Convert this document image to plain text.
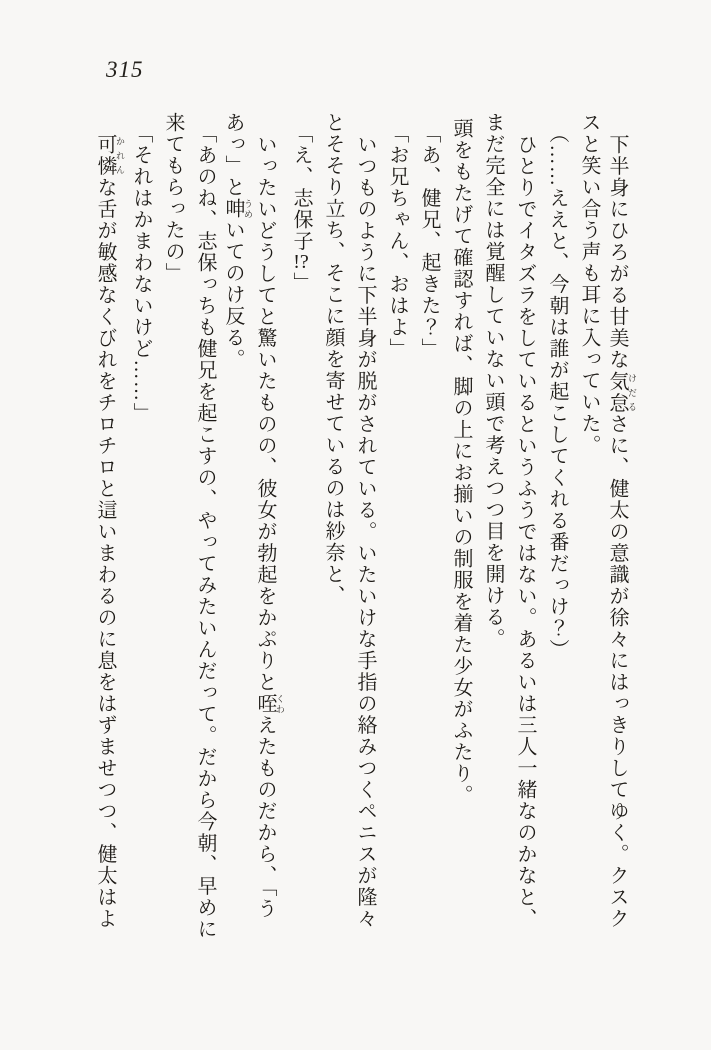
315
下半身にひろがる甘美な気怠 けだるさに、健太の意識が徐々にはっきりしてゆく。クスク
スと笑い合う声も耳に入っていた。
（……ええと、今朝は誰が起こしてくれる番だっけ？）
ひとりでイタズラをしているというふうではない。あるいは三人一緒なのかなと、
まだ完全には覚醒していない頭で考えつつ目を開ける。
頭をもたげて確認すれば、脚の上にお揃いの制服を着た少女がふたり。
「あ、健兄、起きた？」
「お兄ちゃん、おはよ」
いつものように下半身が脱がされている。いたいけな手指の絡みつくペニスが隆々
とそそり立ち、そこに顔を寄せているのは紗奈と、
「え、志保子!?」
いったいどうしてと驚いたものの、彼女が勃起をかぷりと咥 くわえたものだから、「う
あっ」と呻 うめいてのけ反る。
「あのね、志保っちも健兄を起こすの、やってみたいんだって。だから今朝、早めに
来てもらったの」
「それはかまわないけど……」
可憐 かれんな舌が敏感なくびれをチロチロと這いまわるのに息をはずませつつ、健太はよ
